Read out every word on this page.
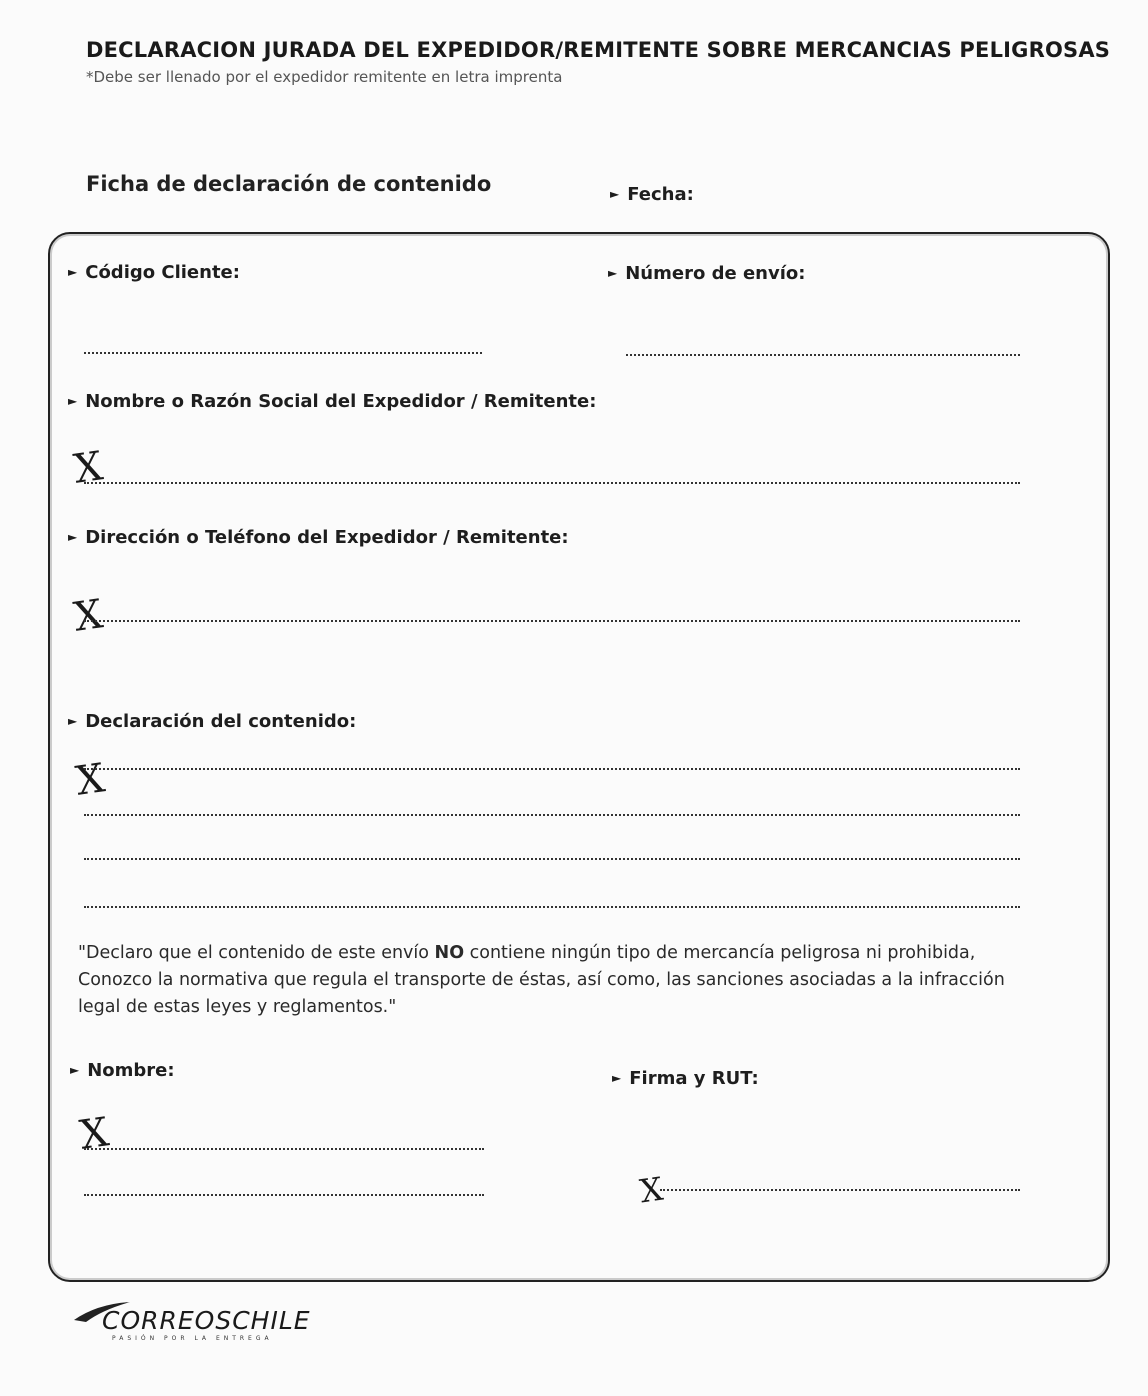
DECLARACION JURADA DEL EXPEDIDOR/REMITENTE SOBRE MERCANCIAS PELIGROSAS
*Debe ser llenado por el expedidor remitente en letra imprenta
Ficha de declaración de contenido	► Fecha:
► Código Cliente:	► Número de envío:
► Nombre o Razón Social del Expedidor / Remitente:
X
► Dirección o Teléfono del Expedidor / Remitente:
X
► Declaración del contenido:
X
"Declaro que el contenido de este envío NO contiene ningún tipo de mercancía peligrosa ni prohibida, Conozco la normativa que regula el transporte de éstas, así como, las sanciones asociadas a la infracción legal de estas leyes y reglamentos."
► Nombre:
X
► Firma y RUT:
X
CORREOSCHILE
PASIÓN POR LA ENTREGA
